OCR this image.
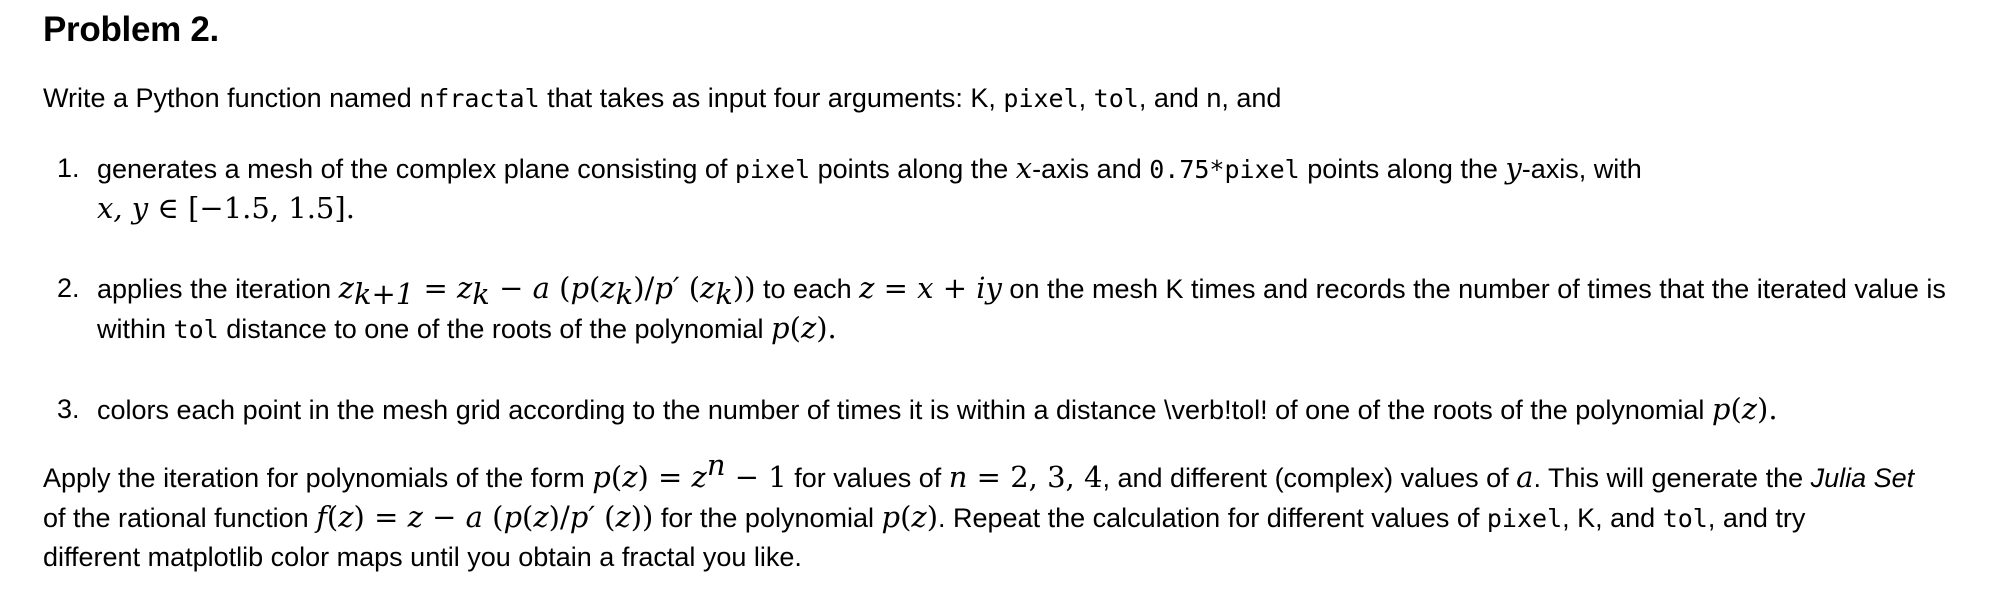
Problem 2.
Write a Python function named nfractal that takes as input four arguments: K, pixel, tol, and n, and
1. generates a mesh of the complex plane consisting of pixel points along the x-axis and 0.75*pixel points along the y-axis, with
x, y ∈ [−1.5, 1.5].
2. applies the iteration $z_{k+1} = z_k - a$ ($p(z_k)/p'$ $(z_k)$) to each z = x + iy on the mesh K times and records the number of times that the iterated value is
within tol distance to one of the roots of the polynomial p(z).
3. colors each point in the mesh grid according to the number of times it is within a distance \verb!tol! of one of the roots of the polynomial p(z).
Apply the iteration for polynomials of the form $p(z) = z^n - 1$ for values of n = 2, 3, 4, and different (complex) values of a. This will generate the Julia Set
of the rational function f(z) = z − a (p(z)/p′ (z)) for the polynomial p(z). Repeat the calculation for different values of pixel, K, and tol, and try
different matplotlib color maps until you obtain a fractal you like.
